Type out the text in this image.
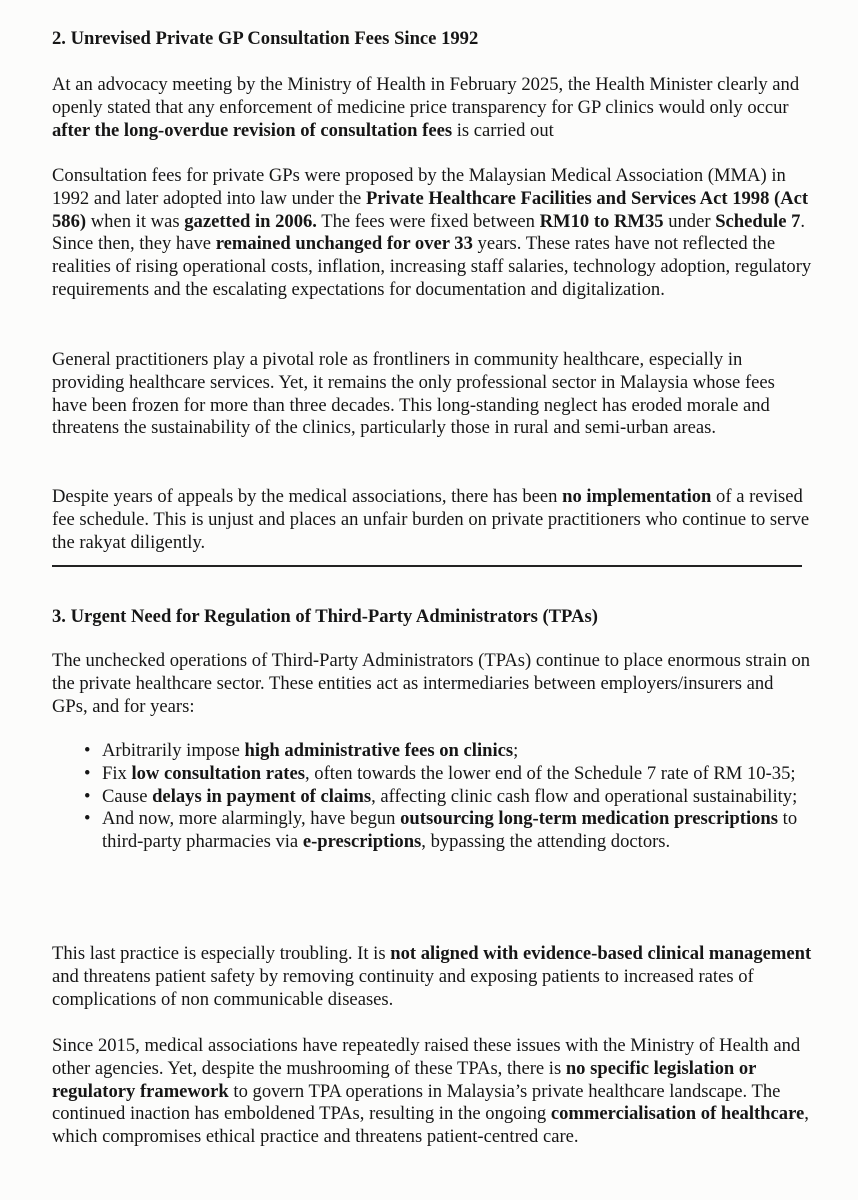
2. Unrevised Private GP Consultation Fees Since 1992

At an advocacy meeting by the Ministry of Health in February 2025, the Health Minister clearly and openly stated that any enforcement of medicine price transparency for GP clinics would only occur after the long-overdue revision of consultation fees is carried out

Consultation fees for private GPs were proposed by the Malaysian Medical Association (MMA) in 1992 and later adopted into law under the Private Healthcare Facilities and Services Act 1998 (Act 586) when it was gazetted in 2006. The fees were fixed between RM10 to RM35 under Schedule 7. Since then, they have remained unchanged for over 33 years. These rates have not reflected the realities of rising operational costs, inflation, increasing staff salaries, technology adoption, regulatory requirements and the escalating expectations for documentation and digitalization.

General practitioners play a pivotal role as frontliners in community healthcare, especially in providing healthcare services. Yet, it remains the only professional sector in Malaysia whose fees have been frozen for more than three decades. This long-standing neglect has eroded morale and threatens the sustainability of the clinics, particularly those in rural and semi-urban areas.

Despite years of appeals by the medical associations, there has been no implementation of a revised fee schedule. This is unjust and places an unfair burden on private practitioners who continue to serve the rakyat diligently.

3. Urgent Need for Regulation of Third-Party Administrators (TPAs)

The unchecked operations of Third-Party Administrators (TPAs) continue to place enormous strain on the private healthcare sector. These entities act as intermediaries between employers/insurers and GPs, and for years:

• Arbitrarily impose high administrative fees on clinics;
• Fix low consultation rates, often towards the lower end of the Schedule 7 rate of RM 10-35;
• Cause delays in payment of claims, affecting clinic cash flow and operational sustainability;
• And now, more alarmingly, have begun outsourcing long-term medication prescriptions to third-party pharmacies via e-prescriptions, bypassing the attending doctors.

This last practice is especially troubling. It is not aligned with evidence-based clinical management and threatens patient safety by removing continuity and exposing patients to increased rates of complications of non communicable diseases.

Since 2015, medical associations have repeatedly raised these issues with the Ministry of Health and other agencies. Yet, despite the mushrooming of these TPAs, there is no specific legislation or regulatory framework to govern TPA operations in Malaysia’s private healthcare landscape. The continued inaction has emboldened TPAs, resulting in the ongoing commercialisation of healthcare, which compromises ethical practice and threatens patient-centred care.
